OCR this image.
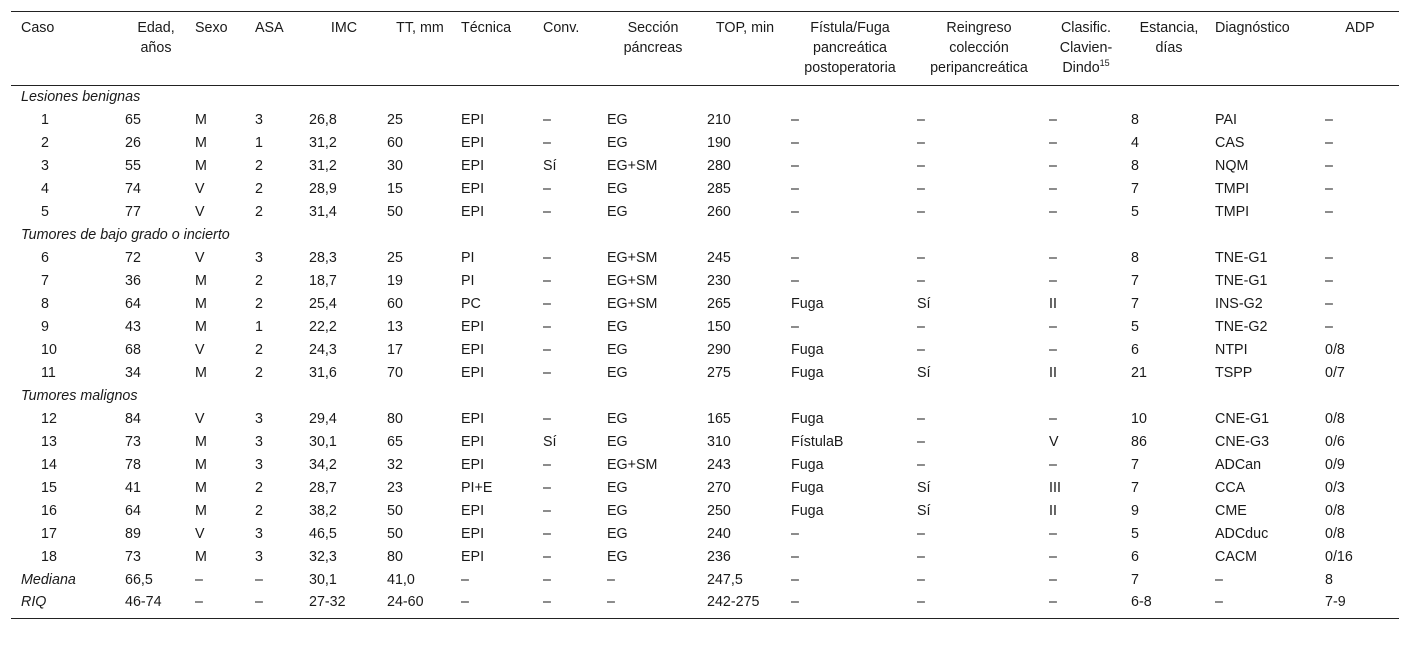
Caso	Edad, años	Sexo	ASA	IMC	TT, mm	Técnica	Conv.	Sección páncreas	TOP, min	Fístula/Fuga pancreática postoperatoria	Reingreso colección peripancreática	Clasific. Clavien-Dindo$^{15}$	Estancia, días	Diagnóstico	ADP
Lesiones benignas															
1	65	M	3	26,8	25	EPI	–	EG	210	–	–	–	8	PAI	–
2	26	M	1	31,2	60	EPI	–	EG	190	–	–	–	4	CAS	–
3	55	M	2	31,2	30	EPI	Sí	EG+SM	280	–	–	–	8	NQM	–
4	74	V	2	28,9	15	EPI	–	EG	285	–	–	–	7	TMPI	–
5	77	V	2	31,4	50	EPI	–	EG	260	–	–	–	5	TMPI	–
Tumores de bajo grado o incierto															
6	72	V	3	28,3	25	PI	–	EG+SM	245	–	–	–	8	TNE-G1	–
7	36	M	2	18,7	19	PI	–	EG+SM	230	–	–	–	7	TNE-G1	–
8	64	M	2	25,4	60	PC	–	EG+SM	265	Fuga	Sí	II	7	INS-G2	–
9	43	M	1	22,2	13	EPI	–	EG	150	–	–	–	5	TNE-G2	–
10	68	V	2	24,3	17	EPI	–	EG	290	Fuga	–	–	6	NTPI	0/8
11	34	M	2	31,6	70	EPI	–	EG	275	Fuga	Sí	II	21	TSPP	0/7
Tumores malignos															
12	84	V	3	29,4	80	EPI	–	EG	165	Fuga	–	–	10	CNE-G1	0/8
13	73	M	3	30,1	65	EPI	Sí	EG	310	FístulaB	–	V	86	CNE-G3	0/6
14	78	M	3	34,2	32	EPI	–	EG+SM	243	Fuga	–	–	7	ADCan	0/9
15	41	M	2	28,7	23	PI+E	–	EG	270	Fuga	Sí	III	7	CCA	0/3
16	64	M	2	38,2	50	EPI	–	EG	250	Fuga	Sí	II	9	CME	0/8
17	89	V	3	46,5	50	EPI	–	EG	240	–	–	–	5	ADCduc	0/8
18	73	M	3	32,3	80	EPI	–	EG	236	–	–	–	6	CACM	0/16
Mediana	66,5	–	–	30,1	41,0	–	–	–	247,5	–	–	–	7	–	8
RIQ	46-74	–	–	27-32	24-60	–	–	–	242-275	–	–	–	6-8	–	7-9
